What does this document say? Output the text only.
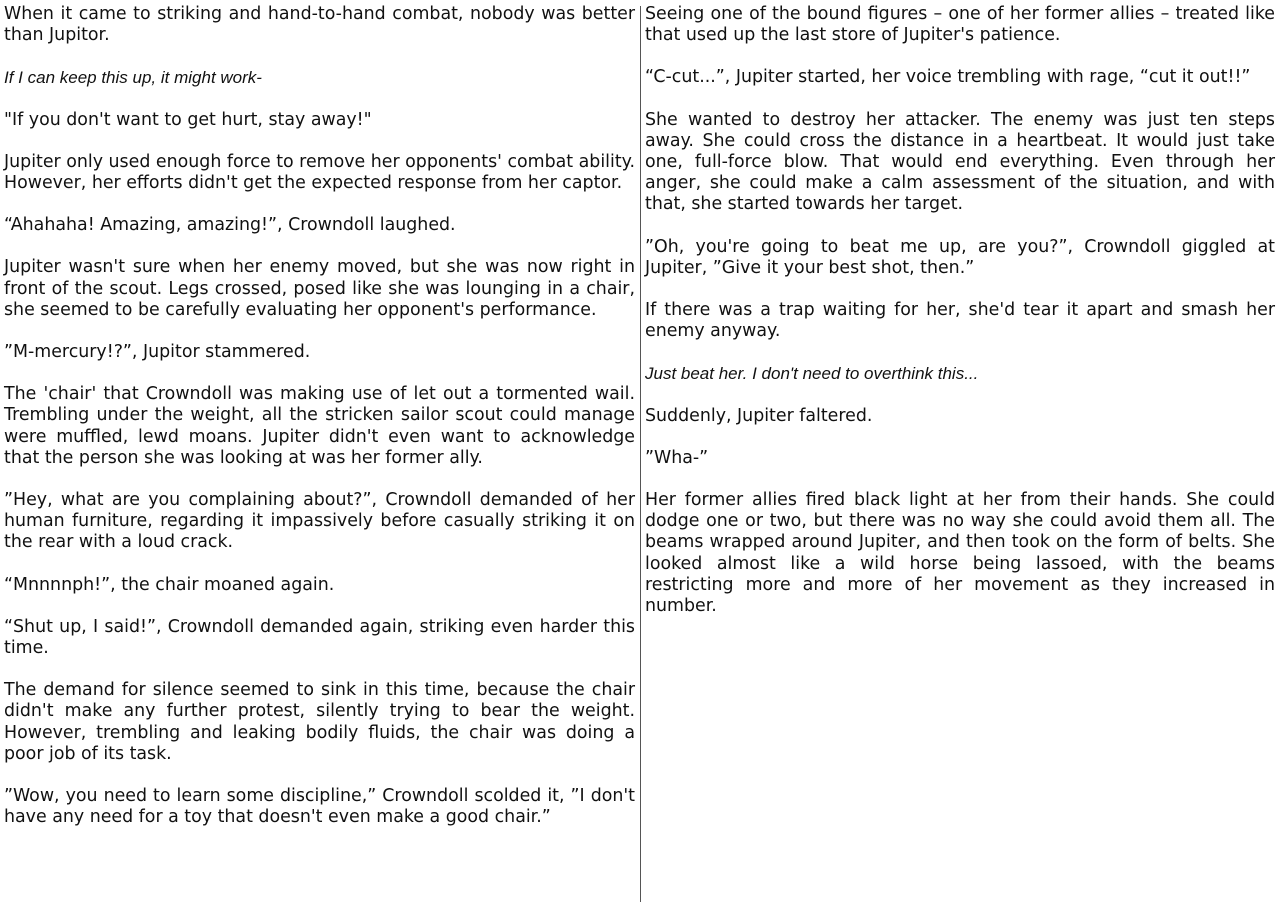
When it came to striking and hand-to-hand combat, nobody was better than Jupitor.

If I can keep this up, it might work-

"If you don't want to get hurt, stay away!"

Jupiter only used enough force to remove her opponents' combat ability. However, her efforts didn't get the expected response from her captor.

“Ahahaha! Amazing, amazing!”, Crowndoll laughed.

Jupiter wasn't sure when her enemy moved, but she was now right in front of the scout. Legs crossed, posed like she was lounging in a chair, she seemed to be carefully evaluating her opponent's performance.

”M-mercury!?”, Jupitor stammered.

The 'chair' that Crowndoll was making use of let out a tormented wail. Trembling under the weight, all the stricken sailor scout could manage were muffled, lewd moans. Jupiter didn't even want to acknowledge that the person she was looking at was her former ally.

”Hey, what are you complaining about?”, Crowndoll demanded of her human furniture, regarding it impassively before casually striking it on the rear with a loud crack.

“Mnnnnph!”, the chair moaned again.

“Shut up, I said!”, Crowndoll demanded again, striking even harder this time.

The demand for silence seemed to sink in this time, because the chair didn't make any further protest, silently trying to bear the weight. However, trembling and leaking bodily fluids, the chair was doing a poor job of its task.

”Wow, you need to learn some discipline,” Crowndoll scolded it, ”I don't have any need for a toy that doesn't even make a good chair.”

Seeing one of the bound figures – one of her former allies – treated like that used up the last store of Jupiter's patience.

“C-cut...”, Jupiter started, her voice trembling with rage, “cut it out!!”

She wanted to destroy her attacker. The enemy was just ten steps away. She could cross the distance in a heartbeat. It would just take one, full-force blow. That would end everything. Even through her anger, she could make a calm assessment of the situation, and with that, she started towards her target.

”Oh, you're going to beat me up, are you?”, Crowndoll giggled at Jupiter, ”Give it your best shot, then.”

If there was a trap waiting for her, she'd tear it apart and smash her enemy anyway.

Just beat her. I don't need to overthink this...

Suddenly, Jupiter faltered.

”Wha-”

Her former allies fired black light at her from their hands. She could dodge one or two, but there was no way she could avoid them all. The beams wrapped around Jupiter, and then took on the form of belts. She looked almost like a wild horse being lassoed, with the beams restricting more and more of her movement as they increased in number.
